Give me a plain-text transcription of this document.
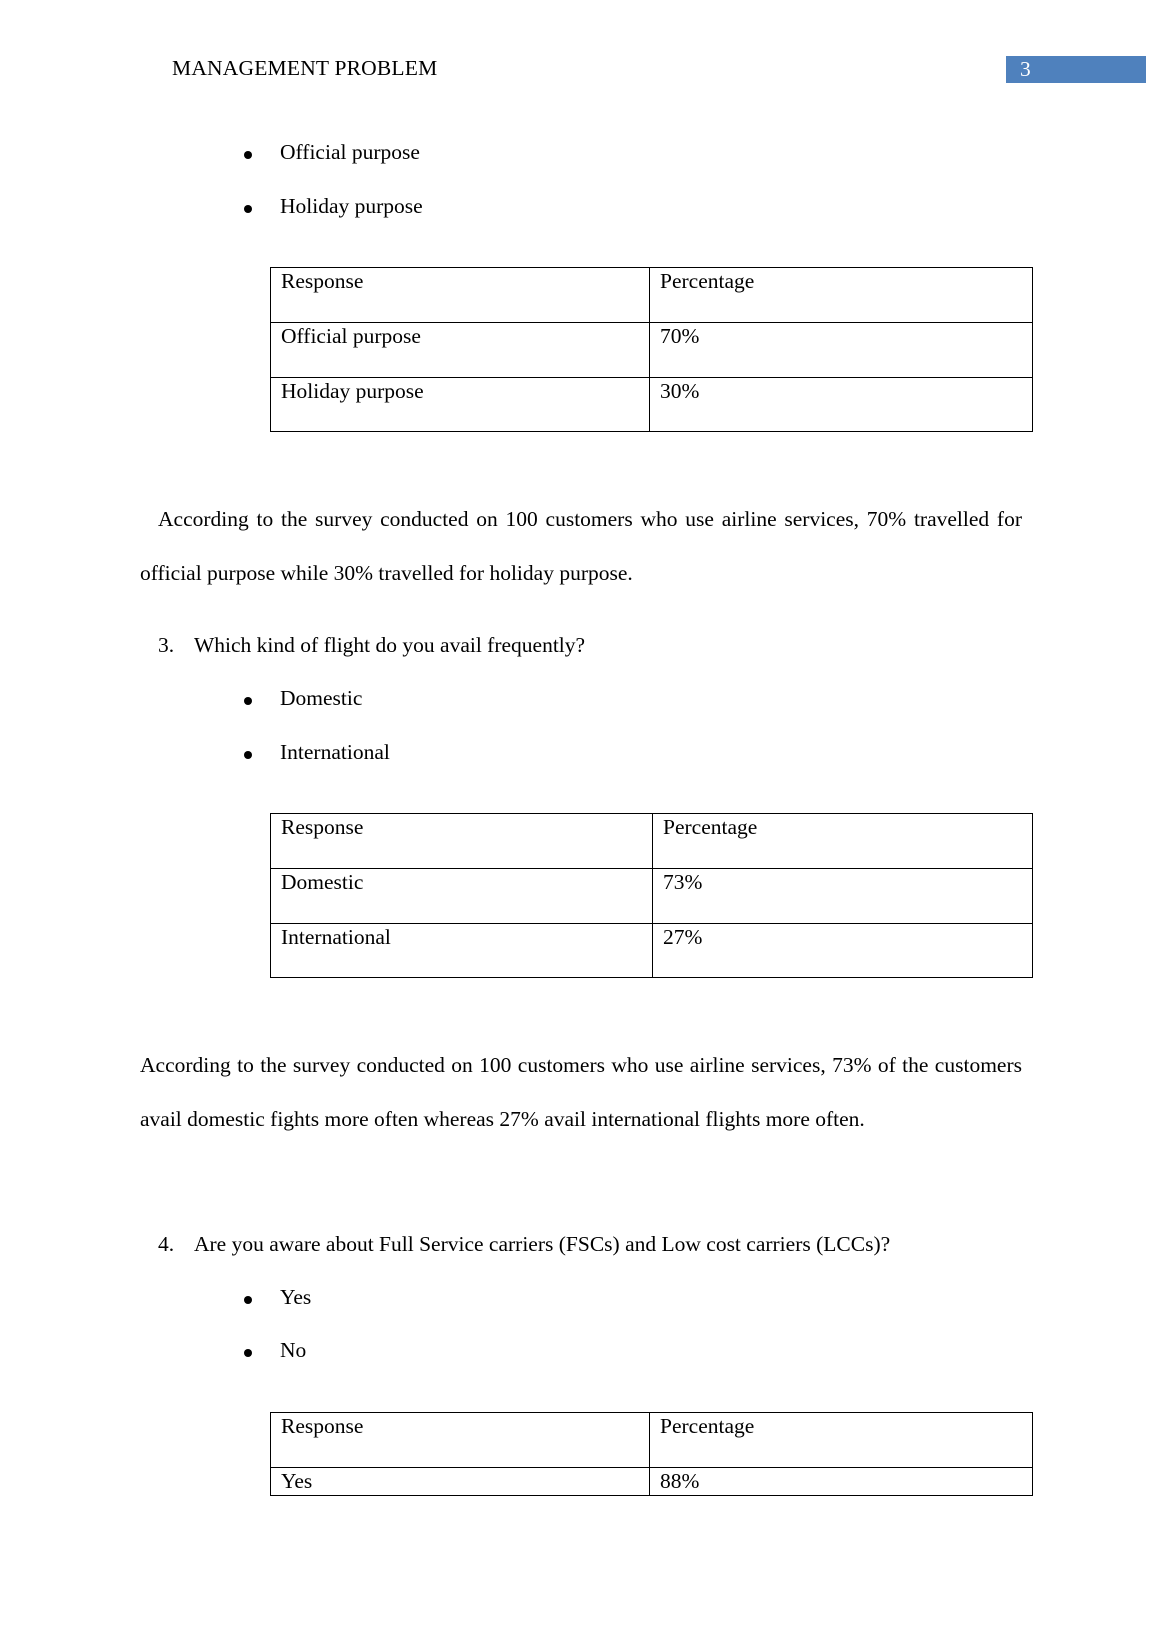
MANAGEMENT PROBLEM	3
Official purpose
Holiday purpose
Response	Percentage
Official purpose	70%
Holiday purpose	30%
According to the survey conducted on 100 customers who use airline services, 70% travelled for official purpose while 30% travelled for holiday purpose.
3. Which kind of flight do you avail frequently?
Domestic
International
Response	Percentage
Domestic	73%
International	27%
According to the survey conducted on 100 customers who use airline services, 73% of the customers avail domestic fights more often whereas 27% avail international flights more often.
4. Are you aware about Full Service carriers (FSCs) and Low cost carriers (LCCs)?
Yes
No
Response	Percentage
Yes	88%
